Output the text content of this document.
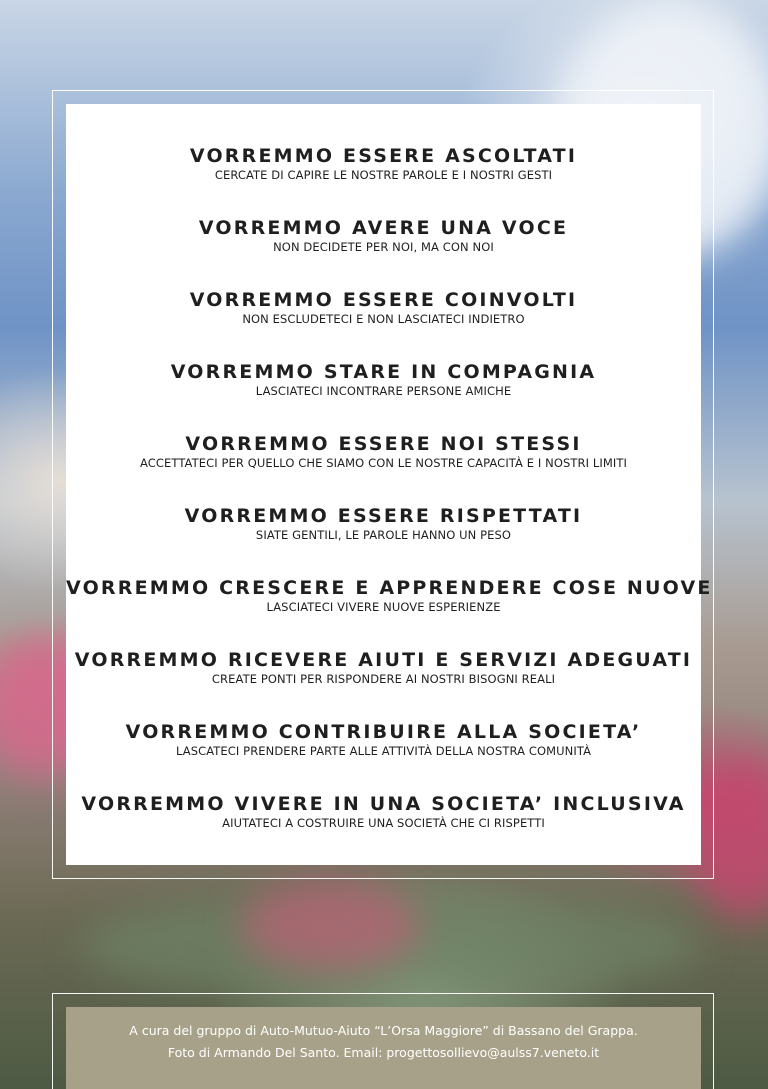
VORREMMO ESSERE ASCOLTATI
CERCATE DI CAPIRE LE NOSTRE PAROLE E I NOSTRI GESTI
VORREMMO AVERE UNA VOCE
NON DECIDETE PER NOI, MA CON NOI
VORREMMO ESSERE COINVOLTI
NON ESCLUDETECI E NON LASCIATECI INDIETRO
VORREMMO STARE IN COMPAGNIA
LASCIATECI INCONTRARE PERSONE AMICHE
VORREMMO ESSERE NOI STESSI
ACCETTATECI PER QUELLO CHE SIAMO CON LE NOSTRE CAPACITÀ E I NOSTRI LIMITI
VORREMMO ESSERE RISPETTATI
SIATE GENTILI, LE PAROLE HANNO UN PESO
VORREMMO CRESCERE E APPRENDERE COSE NUOVE
LASCIATECI VIVERE NUOVE ESPERIENZE
VORREMMO RICEVERE AIUTI E SERVIZI ADEGUATI
CREATE PONTI PER RISPONDERE AI NOSTRI BISOGNI REALI
VORREMMO CONTRIBUIRE ALLA SOCIETA’
LASCATECI PRENDERE PARTE ALLE ATTIVITÀ DELLA NOSTRA COMUNITÀ
VORREMMO VIVERE IN UNA SOCIETA’ INCLUSIVA
AIUTATECI A COSTRUIRE UNA SOCIETÀ CHE CI RISPETTI
A cura del gruppo di Auto-Mutuo-Aiuto “L’Orsa Maggiore” di Bassano del Grappa.
Foto di Armando Del Santo. Email: progettosollievo@aulss7.veneto.it
